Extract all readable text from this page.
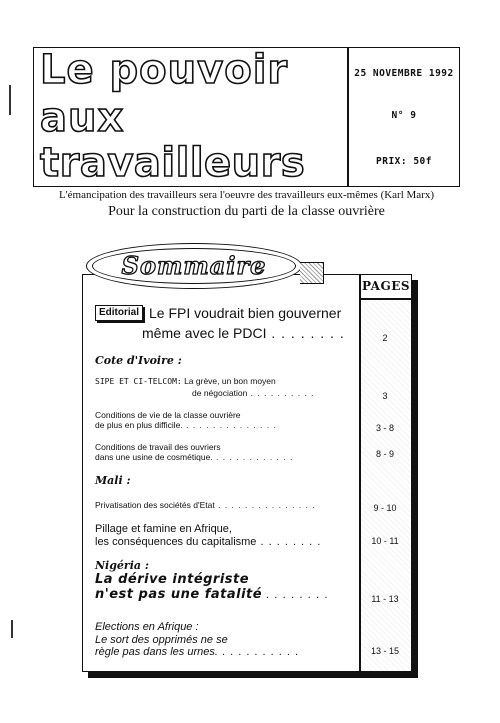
Le pouvoir
aux
travailleurs
25 NOVEMBRE 1992
N° 9
PRIX: 50f
L'émancipation des travailleurs sera l'oeuvre des travailleurs eux-mêmes (Karl Marx)
Pour la construction du parti de la classe ouvrière
PAGES
Sommaire
Editorial Le FPI voudrait bien gouverner
même avec le PDCI . . . . . . . .	2
Cote d'Ivoire :
SIPE ET CI-TELCOM: La grève, un bon moyen
de négociation . . . . . . . . . .	3
Conditions de vie de la classe ouvrière
de plus en plus difficile. . . . . . . . . . . . . . .	3 - 8
Conditions de travail des ouvriers
dans une usine de cosmétique. . . . . . . . . . . . .	8 - 9
Mali :
Privatisation des sociétés d'Etat . . . . . . . . . . . . . . .	9 - 10
Pillage et famine en Afrique,
les conséquences du capitalisme . . . . . . . .	10 - 11
Nigéria :
La dérive intégriste
n'est pas une fatalité . . . . . . . .	11 - 13
Elections en Afrique :
Le sort des opprimés ne se
règle pas dans les urnes. . . . . . . . . . .	13 - 15
